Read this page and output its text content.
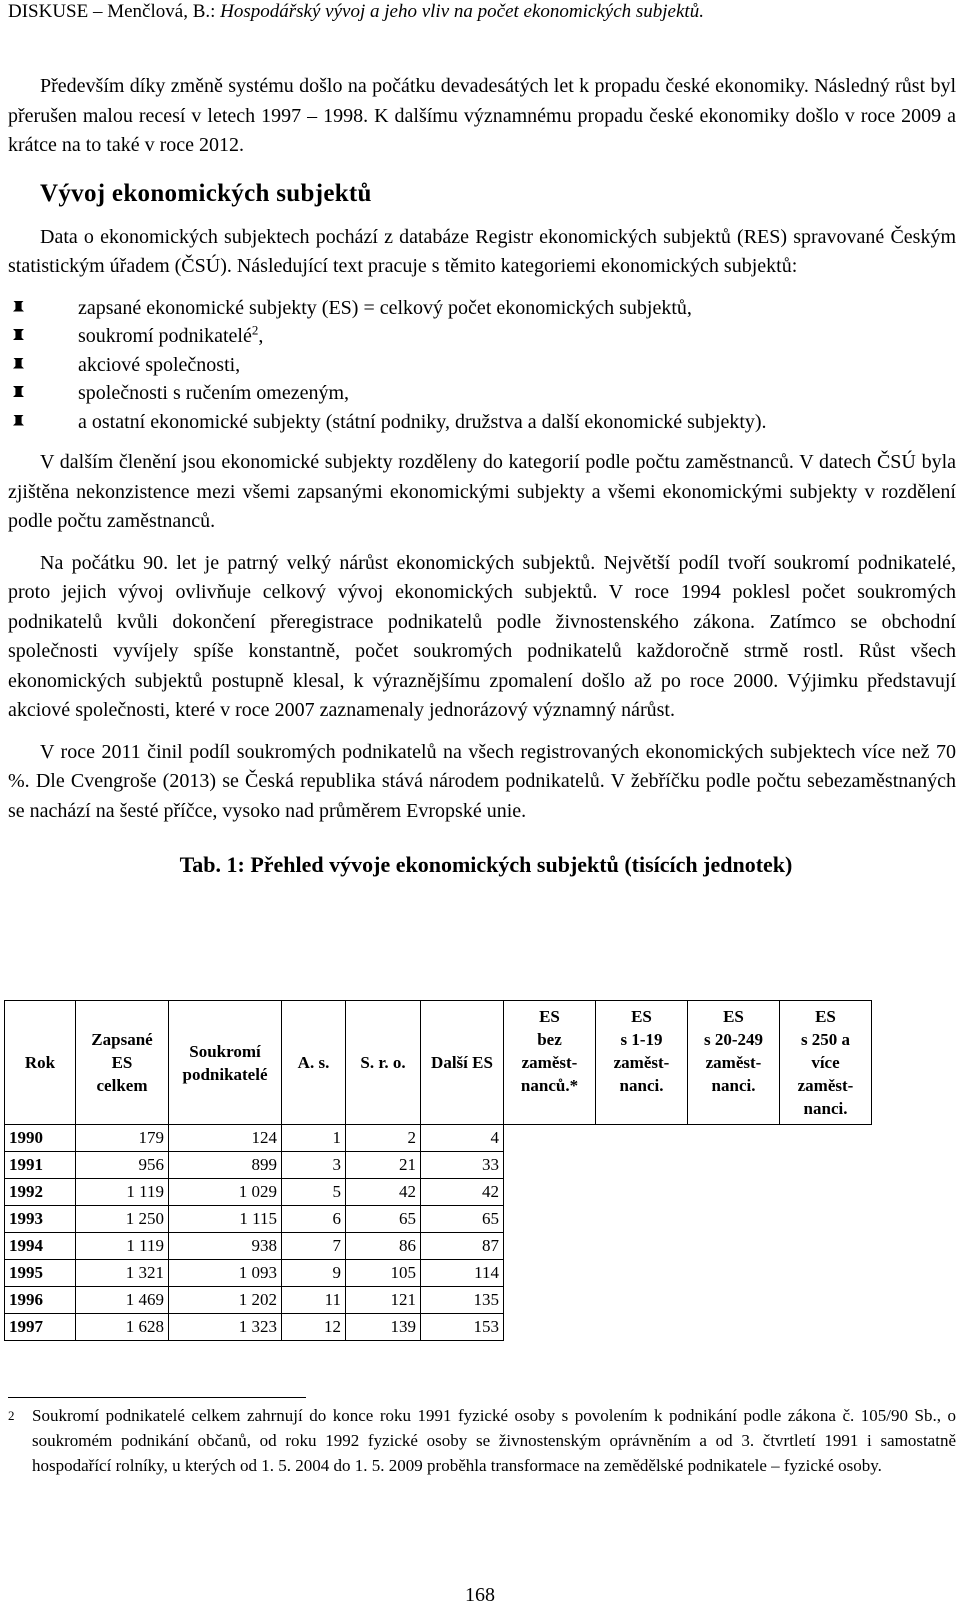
DISKUSE – Menčlová, B.: Hospodářský vývoj a jeho vliv na počet ekonomických subjektů.

Především díky změně systému došlo na počátku devadesátých let k propadu české ekonomiky. Následný růst byl přerušen malou recesí v letech 1997 – 1998. K dalšímu významnému propadu české ekonomiky došlo v roce 2009 a krátce na to také v roce 2012.

Vývoj ekonomických subjektů

Data o ekonomických subjektech pochází z databáze Registr ekonomických subjektů (RES) spravované Českým statistickým úřadem (ČSÚ). Následující text pracuje s těmito kategoriemi ekonomických subjektů:

zapsané ekonomické subjekty (ES) = celkový počet ekonomických subjektů,
soukromí podnikatelé$^2$,
akciové společnosti,
společnosti s ručením omezeným,
a ostatní ekonomické subjekty (státní podniky, družstva a další ekonomické subjekty).

V dalším členění jsou ekonomické subjekty rozděleny do kategorií podle počtu zaměstnanců. V datech ČSÚ byla zjištěna nekonzistence mezi všemi zapsanými ekonomickými subjekty a všemi ekonomickými subjekty v rozdělení podle počtu zaměstnanců.

Na počátku 90. let je patrný velký nárůst ekonomických subjektů. Největší podíl tvoří soukromí podnikatelé, proto jejich vývoj ovlivňuje celkový vývoj ekonomických subjektů. V roce 1994 poklesl počet soukromých podnikatelů kvůli dokončení přeregistrace podnikatelů podle živnostenského zákona. Zatímco se obchodní společnosti vyvíjely spíše konstantně, počet soukromých podnikatelů každoročně strmě rostl. Růst všech ekonomických subjektů postupně klesal, k výraznějšímu zpomalení došlo až po roce 2000. Výjimku představují akciové společnosti, které v roce 2007 zaznamenaly jednorázový významný nárůst.

V roce 2011 činil podíl soukromých podnikatelů na všech registrovaných ekonomických subjektech více než 70 %. Dle Cvengroše (2013) se Česká republika stává národem podnikatelů. V žebříčku podle počtu sebezaměstnaných se nachází na šesté příčce, vysoko nad průměrem Evropské unie.

Tab. 1: Přehled vývoje ekonomických subjektů (tisících jednotek)

Rok	Zapsané
ES
celkem	Soukromí
podnikatelé	A. s.	S. r. o.	Další ES	ES
bez
zaměst-
nanců.*	ES
s 1-19
zaměst-
nanci.	ES
s 20-249
zaměst-
nanci.	ES
s 250 a
více
zaměst-
nanci.
1990	179	124	1	2	4				
1991	956	899	3	21	33				
1992	1 119	1 029	5	42	42				
1993	1 250	1 115	6	65	65				
1994	1 119	938	7	86	87				
1995	1 321	1 093	9	105	114				
1996	1 469	1 202	11	121	135				
1997	1 628	1 323	12	139	153				
2 Soukromí podnikatelé celkem zahrnují do konce roku 1991 fyzické osoby s povolením k podnikání podle zákona č. 105/90 Sb., o soukromém podnikání občanů, od roku 1992 fyzické osoby se živnostenským oprávněním a od 3. čtvrtletí 1991 i samostatně hospodařící rolníky, u kterých od 1. 5. 2004 do 1. 5. 2009 proběhla transformace na zemědělské podnikatele – fyzické osoby.
168
